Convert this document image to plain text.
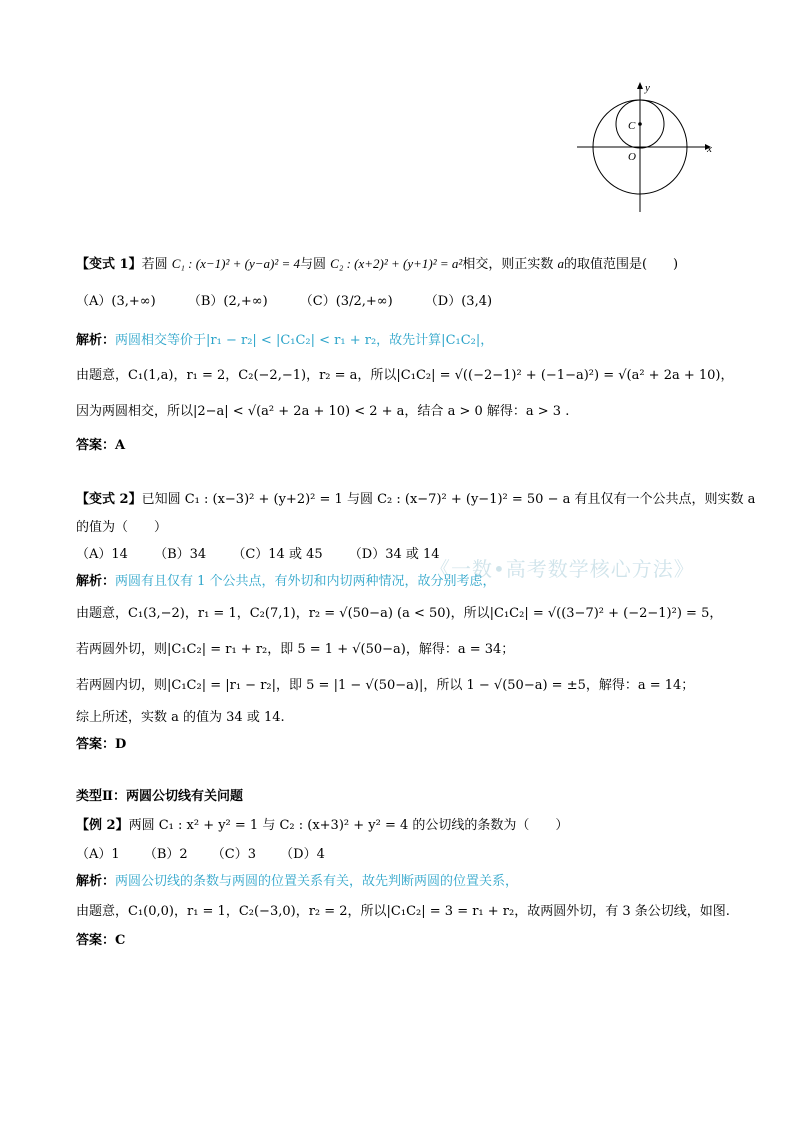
y
x
C
O
【变式 1】若圆 C₁ : (x−1)² + (y−a)² = 4与圆 C₂ : (x+2)² + (y+1)² = a²相交，则正实数 a的取值范围是(　　)
（A）(3,+∞) （B）(2,+∞) （C）(3/2,+∞) （D）(3,4)
解析：两圆相交等价于|r₁ − r₂| < |C₁C₂| < r₁ + r₂，故先计算|C₁C₂|，
由题意，C₁(1,a)，r₁ = 2，C₂(−2,−1)，r₂ = a，所以|C₁C₂| = √((−2−1)² + (−1−a)²) = √(a² + 2a + 10)，
因为两圆相交，所以|2−a| < √(a² + 2a + 10) < 2 + a，结合 a > 0 解得：a > 3 .
答案：A
【变式 2】已知圆 C₁ : (x−3)² + (y+2)² = 1 与圆 C₂ : (x−7)² + (y−1)² = 50 − a 有且仅有一个公共点，则实数 a
的值为（　　）
（A）14 （B）34 （C）14 或 45 （D）34 或 14
《一数•高考数学核心方法》
解析：两圆有且仅有 1 个公共点，有外切和内切两种情况，故分别考虑，
由题意，C₁(3,−2)，r₁ = 1，C₂(7,1)，r₂ = √(50−a) (a < 50)，所以|C₁C₂| = √((3−7)² + (−2−1)²) = 5，
若两圆外切，则|C₁C₂| = r₁ + r₂，即 5 = 1 + √(50−a)，解得：a = 34；
若两圆内切，则|C₁C₂| = |r₁ − r₂|，即 5 = |1 − √(50−a)|，所以 1 − √(50−a) = ±5，解得：a = 14；
综上所述，实数 a 的值为 34 或 14.
答案：D
类型Ⅱ：两圆公切线有关问题
【例 2】两圆 C₁ : x² + y² = 1 与 C₂ : (x+3)² + y² = 4 的公切线的条数为（　　）
（A）1 （B）2 （C）3 （D）4
解析：两圆公切线的条数与两圆的位置关系有关，故先判断两圆的位置关系，
由题意，C₁(0,0)，r₁ = 1，C₂(−3,0)，r₂ = 2，所以|C₁C₂| = 3 = r₁ + r₂，故两圆外切，有 3 条公切线，如图.
答案：C
